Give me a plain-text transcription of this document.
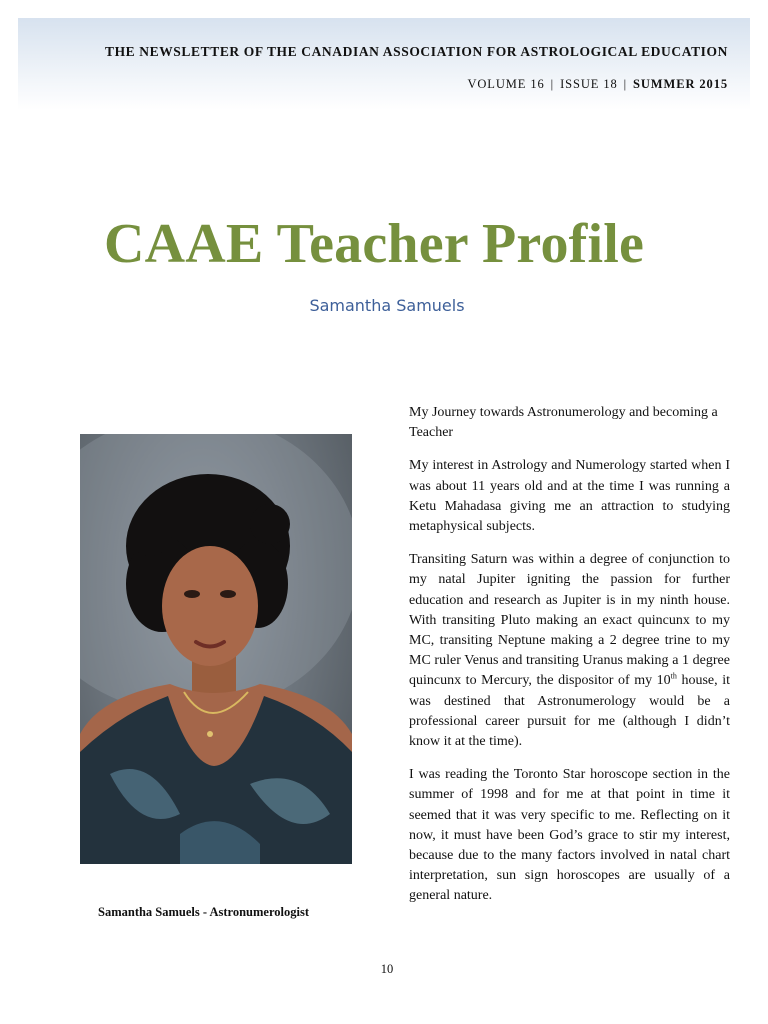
THE NEWSLETTER OF THE CANADIAN ASSOCIATION FOR ASTROLOGICAL EDUCATION
VOLUME 16 | ISSUE 18 | SUMMER 2015
CAAE Teacher Profile
Samantha Samuels
Samantha Samuels - Astronumerologist

My Journey towards Astronumerology and becoming a Teacher

My interest in Astrology and Numerology started when I was about 11 years old and at the time I was running a Ketu Mahadasa giving me an attraction to studying metaphysical subjects.

Transiting Saturn was within a degree of conjunction to my natal Jupiter igniting the passion for further education and research as Jupiter is in my ninth house. With transiting Pluto making an exact quincunx to my MC, transiting Neptune making a 2 degree trine to my MC ruler Venus and transiting Uranus making a 1 degree quincunx to Mercury, the dispositor of my 10th house, it was destined that Astronumerology would be a professional career pursuit for me (although I didn’t know it at the time).

I was reading the Toronto Star horoscope section in the summer of 1998 and for me at that point in time it seemed that it was very specific to me. Reflecting on it now, it must have been God’s grace to stir my interest, because due to the many factors involved in natal chart interpretation, sun sign horoscopes are usually of a general nature.

10
